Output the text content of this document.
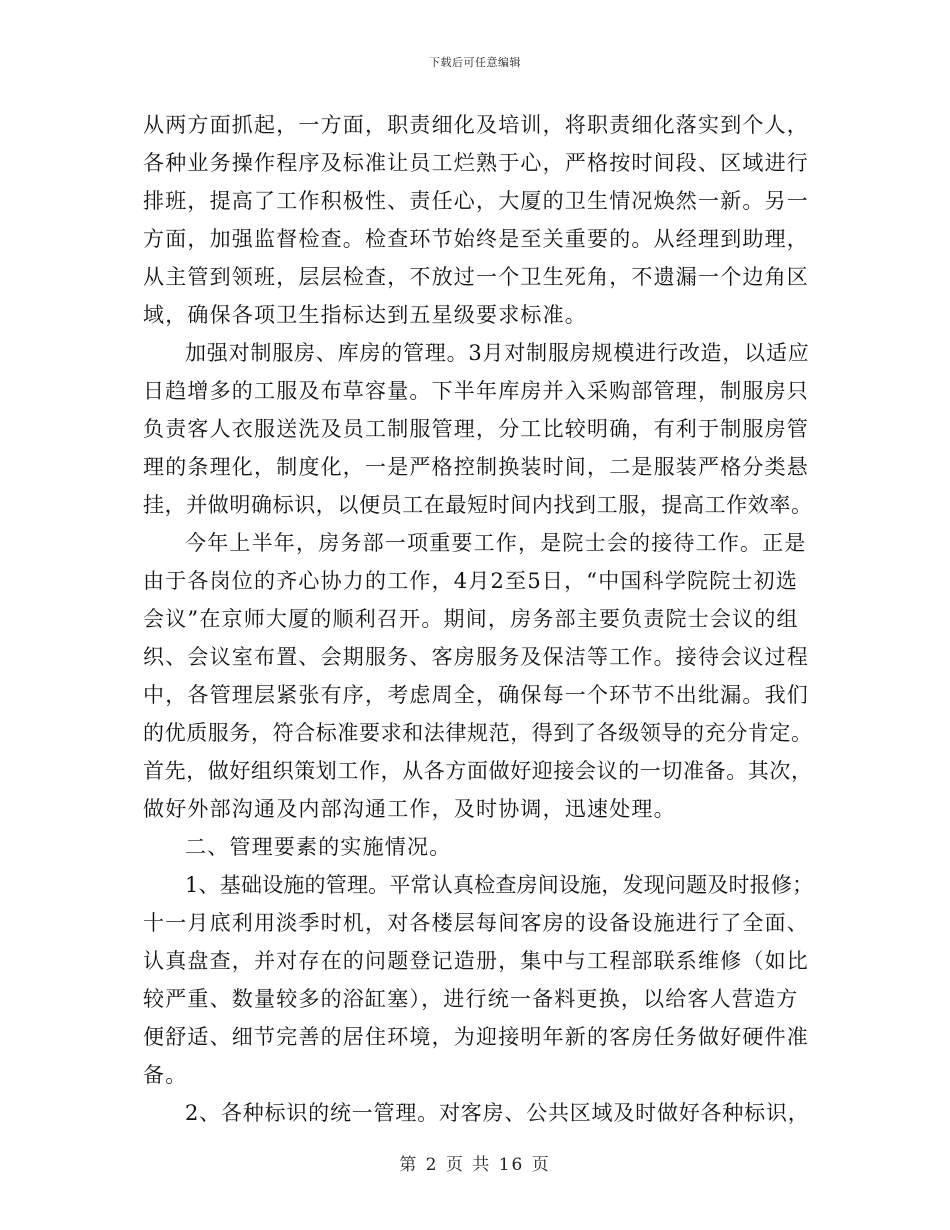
下载后可任意编辑
从两方面抓起，一方面，职责细化及培训，将职责细化落实到个人，
各种业务操作程序及标准让员工烂熟于心，严格按时间段、区域进行
排班，提高了工作积极性、责任心，大厦的卫生情况焕然一新。另一
方面，加强监督检查。检查环节始终是至关重要的。从经理到助理，
从主管到领班，层层检查，不放过一个卫生死角，不遗漏一个边角区
域，确保各项卫生指标达到五星级要求标准。
加强对制服房、库房的管理。3月对制服房规模进行改造，以适应
日趋增多的工服及布草容量。下半年库房并入采购部管理，制服房只
负责客人衣服送洗及员工制服管理，分工比较明确，有利于制服房管
理的条理化，制度化，一是严格控制换装时间，二是服装严格分类悬
挂，并做明确标识，以便员工在最短时间内找到工服，提高工作效率。
今年上半年，房务部一项重要工作，是院士会的接待工作。正是
由于各岗位的齐心协力的工作，4月2至5日，“中国科学院院士初选
会议”在京师大厦的顺利召开。期间，房务部主要负责院士会议的组
织、会议室布置、会期服务、客房服务及保洁等工作。接待会议过程
中，各管理层紧张有序，考虑周全，确保每一个环节不出纰漏。我们
的优质服务，符合标准要求和法律规范，得到了各级领导的充分肯定。
首先，做好组织策划工作，从各方面做好迎接会议的一切准备。其次，
做好外部沟通及内部沟通工作，及时协调，迅速处理。
二、管理要素的实施情况。
1、基础设施的管理。平常认真检查房间设施，发现问题及时报修；
十一月底利用淡季时机，对各楼层每间客房的设备设施进行了全面、
认真盘查，并对存在的问题登记造册，集中与工程部联系维修（如比
较严重、数量较多的浴缸塞），进行统一备料更换，以给客人营造方
便舒适、细节完善的居住环境，为迎接明年新的客房任务做好硬件准
备。
2、各种标识的统一管理。对客房、公共区域及时做好各种标识，
第 2 页 共 16 页
